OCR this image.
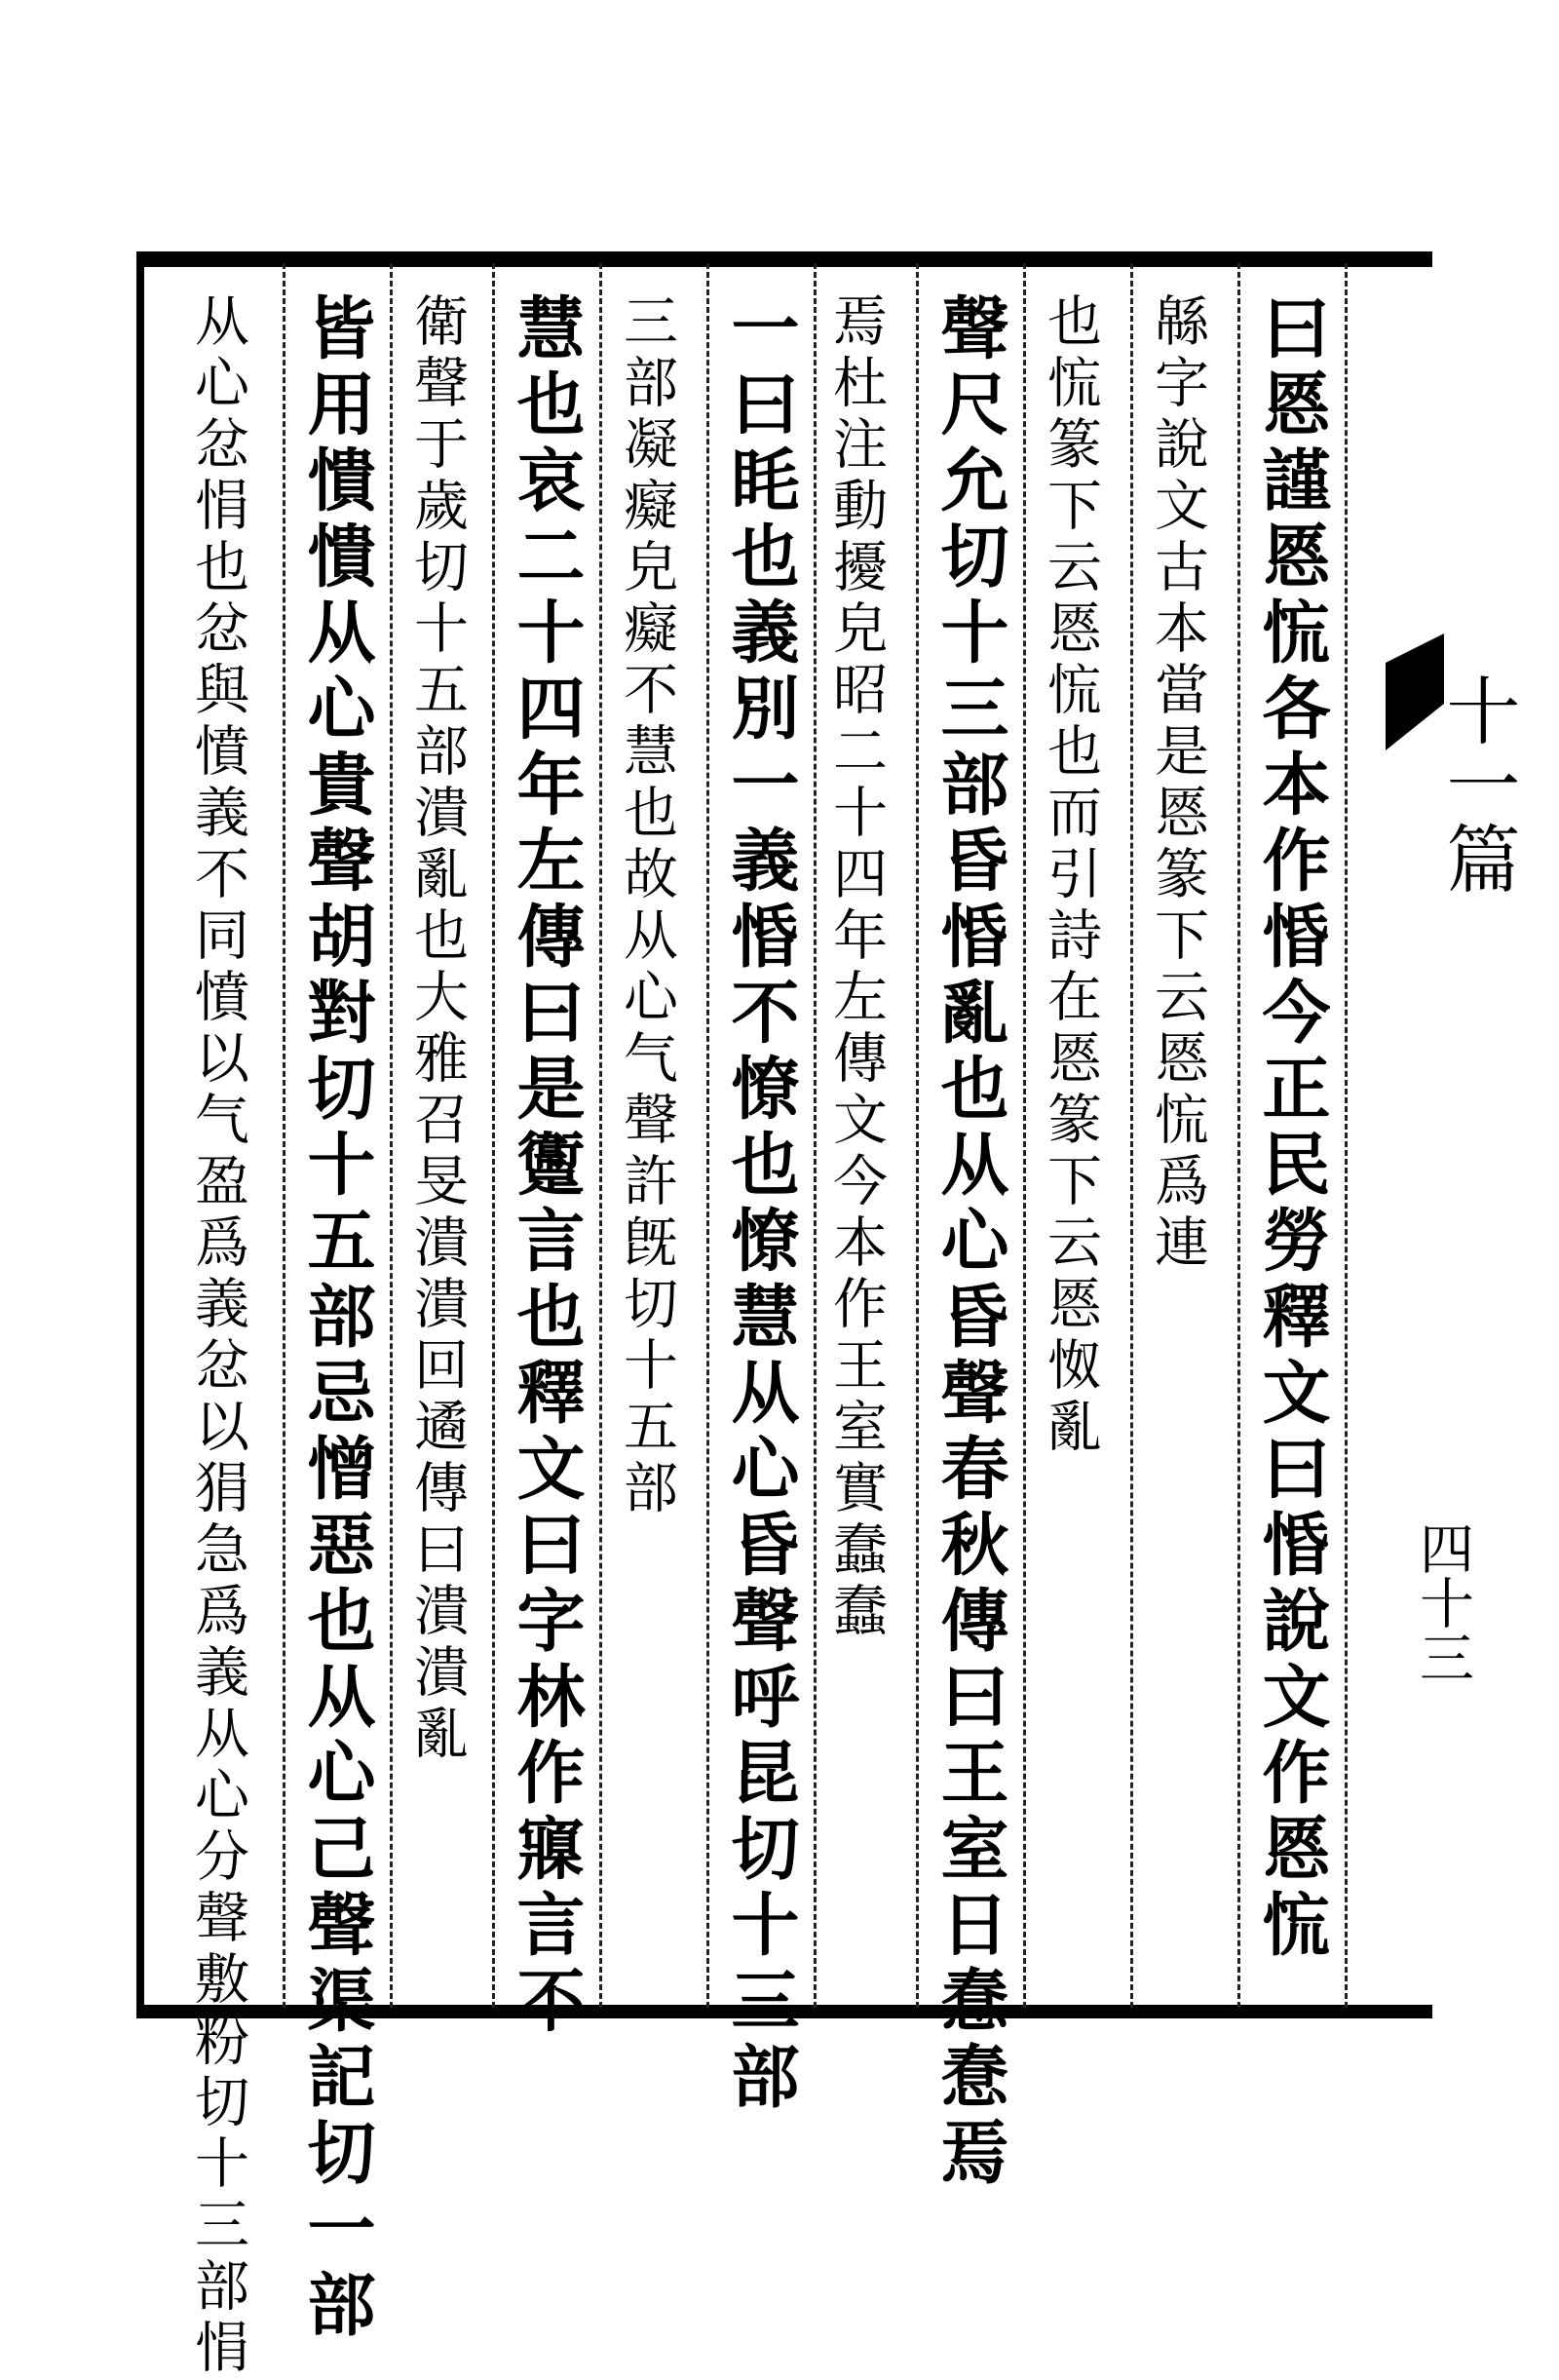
曰㥦謹㥦㤺各本作惛今正民勞釋文曰惛說文作㥦㤺
緜字說文古本當是㥦篆下云㥦㤺爲連
也㤺篆下云㥦㤺也而引詩在㥦篆下云㥦怓亂
聲尺允切十三部昏惛亂也从心昏聲春秋傳曰王室日惷惷焉
焉杜注動擾皃昭二十四年左傳文今本作王室實蠢蠢
一曰眊也義別一義惛不憭也憭慧从心昏聲呼昆切十三部
三部凝癡皃癡不慧也故从心气聲許旣切十五部
慧也哀二十四年左傳曰是躛言也釋文曰字林作寱言不
衛聲于歲切十五部潰亂也大雅召旻潰潰回遹傳曰潰潰亂
皆用憒憒从心貴聲胡對切十五部忌憎惡也从心己聲渠記切一部
从心忿悁也忿與憤義不同憤以气盈爲義忿以狷急爲義从心分聲敷粉切十三部悁	十一篇
四十三
